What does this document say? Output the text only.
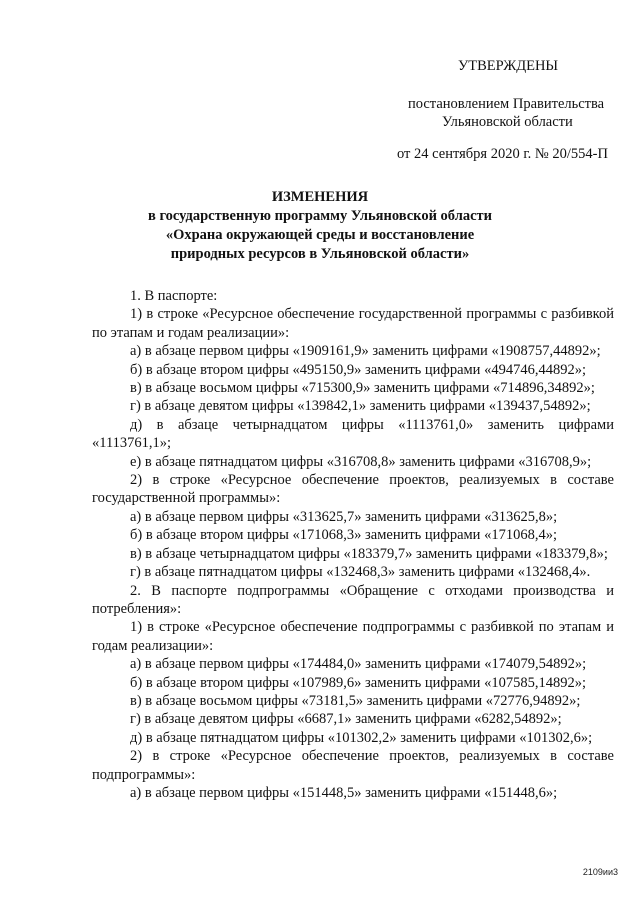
УТВЕРЖДЕНЫ
постановлением Правительства
Ульяновской области
от 24 сентября 2020 г. № 20/554-П
ИЗМЕНЕНИЯ
в государственную программу Ульяновской области
«Охрана окружающей среды и восстановление
природных ресурсов в Ульяновской области»

1. В паспорте:

1) в строке «Ресурсное обеспечение государственной программы с разбивкой по этапам и годам реализации»:

а) в абзаце первом цифры «1909161,9» заменить цифрами «1908757,44892»;

б) в абзаце втором цифры «495150,9» заменить цифрами «494746,44892»;

в) в абзаце восьмом цифры «715300,9» заменить цифрами «714896,34892»;

г) в абзаце девятом цифры «139842,1» заменить цифрами «139437,54892»;

д) в абзаце четырнадцатом цифры «1113761,0» заменить цифрами «1113761,1»;

е) в абзаце пятнадцатом цифры «316708,8» заменить цифрами «316708,9»;

2) в строке «Ресурсное обеспечение проектов, реализуемых в составе государственной программы»:

а) в абзаце первом цифры «313625,7» заменить цифрами «313625,8»;

б) в абзаце втором цифры «171068,3» заменить цифрами «171068,4»;

в) в абзаце четырнадцатом цифры «183379,7» заменить цифрами «183379,8»;

г) в абзаце пятнадцатом цифры «132468,3» заменить цифрами «132468,4».

2. В паспорте подпрограммы «Обращение с отходами производства и потребления»:

1) в строке «Ресурсное обеспечение подпрограммы с разбивкой по этапам и годам реализации»:

а) в абзаце первом цифры «174484,0» заменить цифрами «174079,54892»;

б) в абзаце втором цифры «107989,6» заменить цифрами «107585,14892»;

в) в абзаце восьмом цифры «73181,5» заменить цифрами «72776,94892»;

г) в абзаце девятом цифры «6687,1» заменить цифрами «6282,54892»;

д) в абзаце пятнадцатом цифры «101302,2» заменить цифрами «101302,6»;

2) в строке «Ресурсное обеспечение проектов, реализуемых в составе подпрограммы»:

а) в абзаце первом цифры «151448,5» заменить цифрами «151448,6»;

2109ии3
